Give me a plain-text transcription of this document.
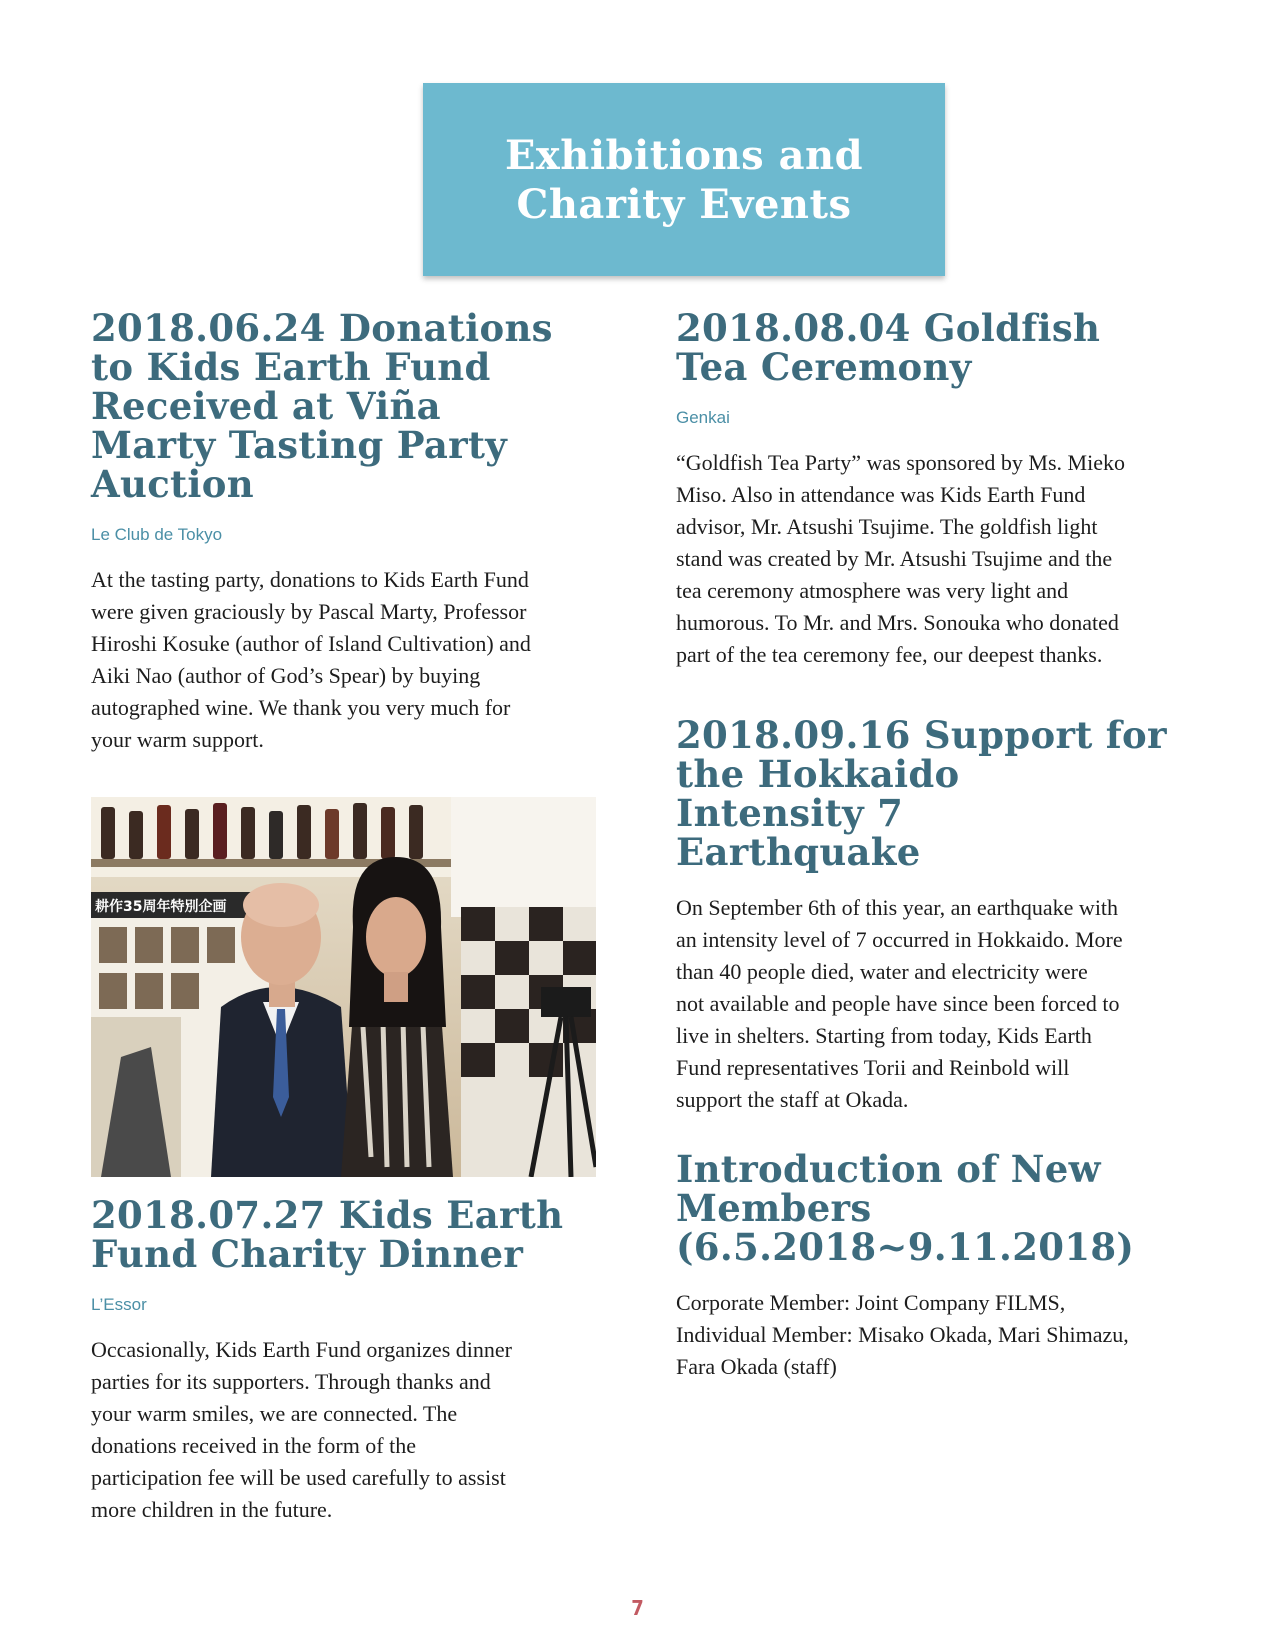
Exhibitions and
Charity Events
2018.06.24 Donations
to Kids Earth Fund
Received at Viña
Marty Tasting Party
Auction
Le Club de Tokyo
At the tasting party, donations to Kids Earth Fund
were given graciously by Pascal Marty, Professor
Hiroshi Kosuke (author of Island Cultivation) and
Aiki Nao (author of God’s Spear) by buying
autographed wine. We thank you very much for
your warm support.
耕作35周年特別企画
2018.07.27 Kids Earth
Fund Charity Dinner
L’Essor
Occasionally, Kids Earth Fund organizes dinner
parties for its supporters. Through thanks and
your warm smiles, we are connected. The
donations received in the form of the
participation fee will be used carefully to assist
more children in the future.
2018.08.04 Goldfish
Tea Ceremony
Genkai
“Goldfish Tea Party” was sponsored by Ms. Mieko
Miso. Also in attendance was Kids Earth Fund
advisor, Mr. Atsushi Tsujime. The goldfish light
stand was created by Mr. Atsushi Tsujime and the
tea ceremony atmosphere was very light and
humorous. To Mr. and Mrs. Sonouka who donated
part of the tea ceremony fee, our deepest thanks.
2018.09.16 Support for
the Hokkaido
Intensity 7
Earthquake
On September 6th of this year, an earthquake with
an intensity level of 7 occurred in Hokkaido. More
than 40 people died, water and electricity were
not available and people have since been forced to
live in shelters. Starting from today, Kids Earth
Fund representatives Torii and Reinbold will
support the staff at Okada.
Introduction of New
Members
(6.5.2018~9.11.2018)
Corporate Member: Joint Company FILMS,
Individual Member: Misako Okada, Mari Shimazu,
Fara Okada (staff)
7
